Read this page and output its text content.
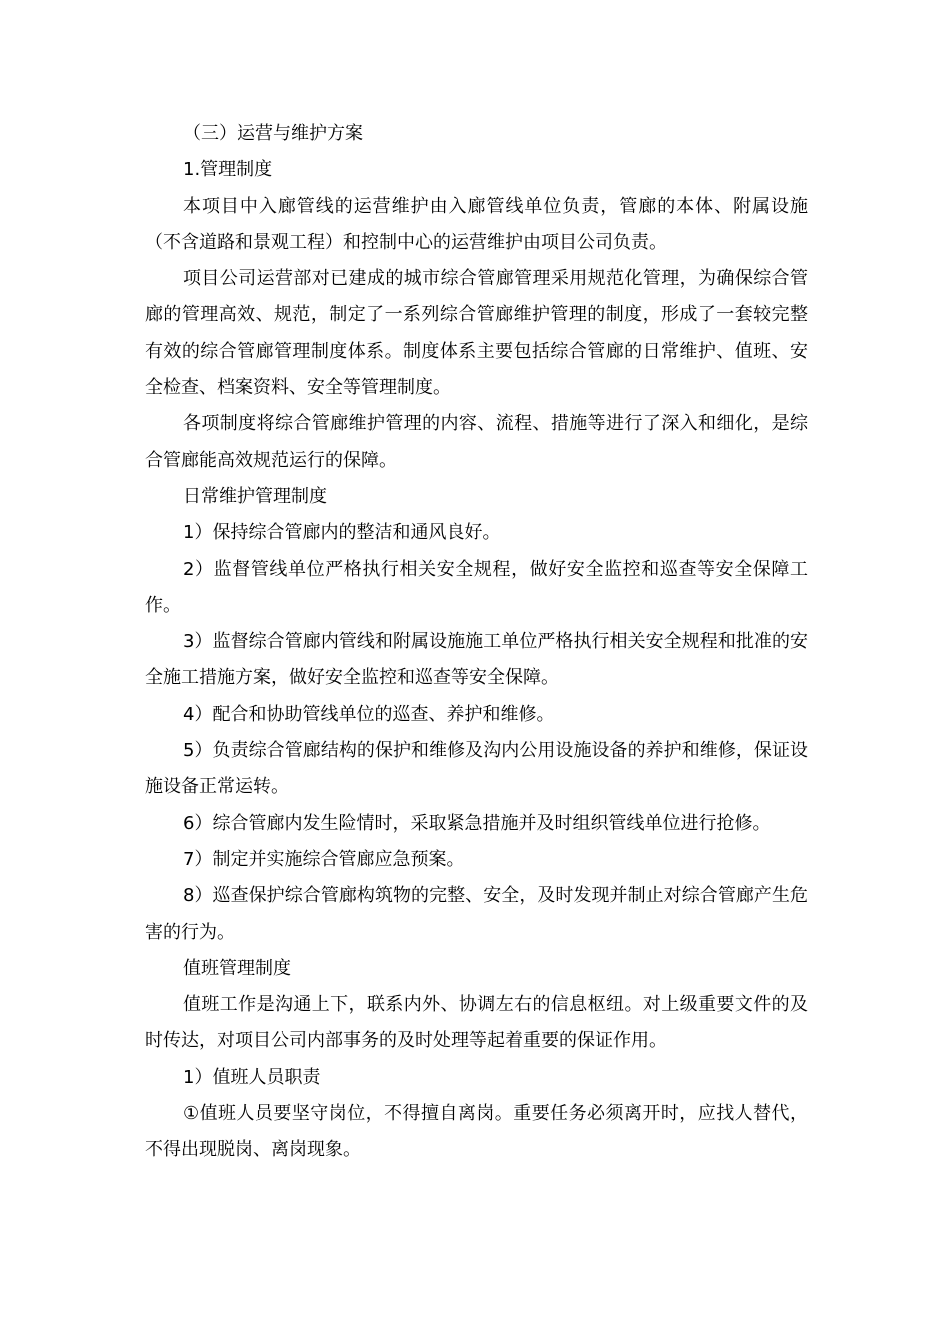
（三）运营与维护方案

1.管理制度

本项目中入廊管线的运营维护由入廊管线单位负责，管廊的本体、附属设施（不含道路和景观工程）和控制中心的运营维护由项目公司负责。

项目公司运营部对已建成的城市综合管廊管理采用规范化管理，为确保综合管廊的管理高效、规范，制定了一系列综合管廊维护管理的制度，形成了一套较完整有效的综合管廊管理制度体系。制度体系主要包括综合管廊的日常维护、值班、安全检查、档案资料、安全等管理制度。

各项制度将综合管廊维护管理的内容、流程、措施等进行了深入和细化，是综合管廊能高效规范运行的保障。

日常维护管理制度

1）保持综合管廊内的整洁和通风良好。

2）监督管线单位严格执行相关安全规程，做好安全监控和巡查等安全保障工作。

3）监督综合管廊内管线和附属设施施工单位严格执行相关安全规程和批准的安全施工措施方案，做好安全监控和巡查等安全保障。

4）配合和协助管线单位的巡查、养护和维修。

5）负责综合管廊结构的保护和维修及沟内公用设施设备的养护和维修，保证设施设备正常运转。

6）综合管廊内发生险情时，采取紧急措施并及时组织管线单位进行抢修。

7）制定并实施综合管廊应急预案。

8）巡查保护综合管廊构筑物的完整、安全，及时发现并制止对综合管廊产生危害的行为。

值班管理制度

值班工作是沟通上下，联系内外、协调左右的信息枢纽。对上级重要文件的及时传达，对项目公司内部事务的及时处理等起着重要的保证作用。

1）值班人员职责

①值班人员要坚守岗位，不得擅自离岗。重要任务必须离开时，应找人替代，不得出现脱岗、离岗现象。
